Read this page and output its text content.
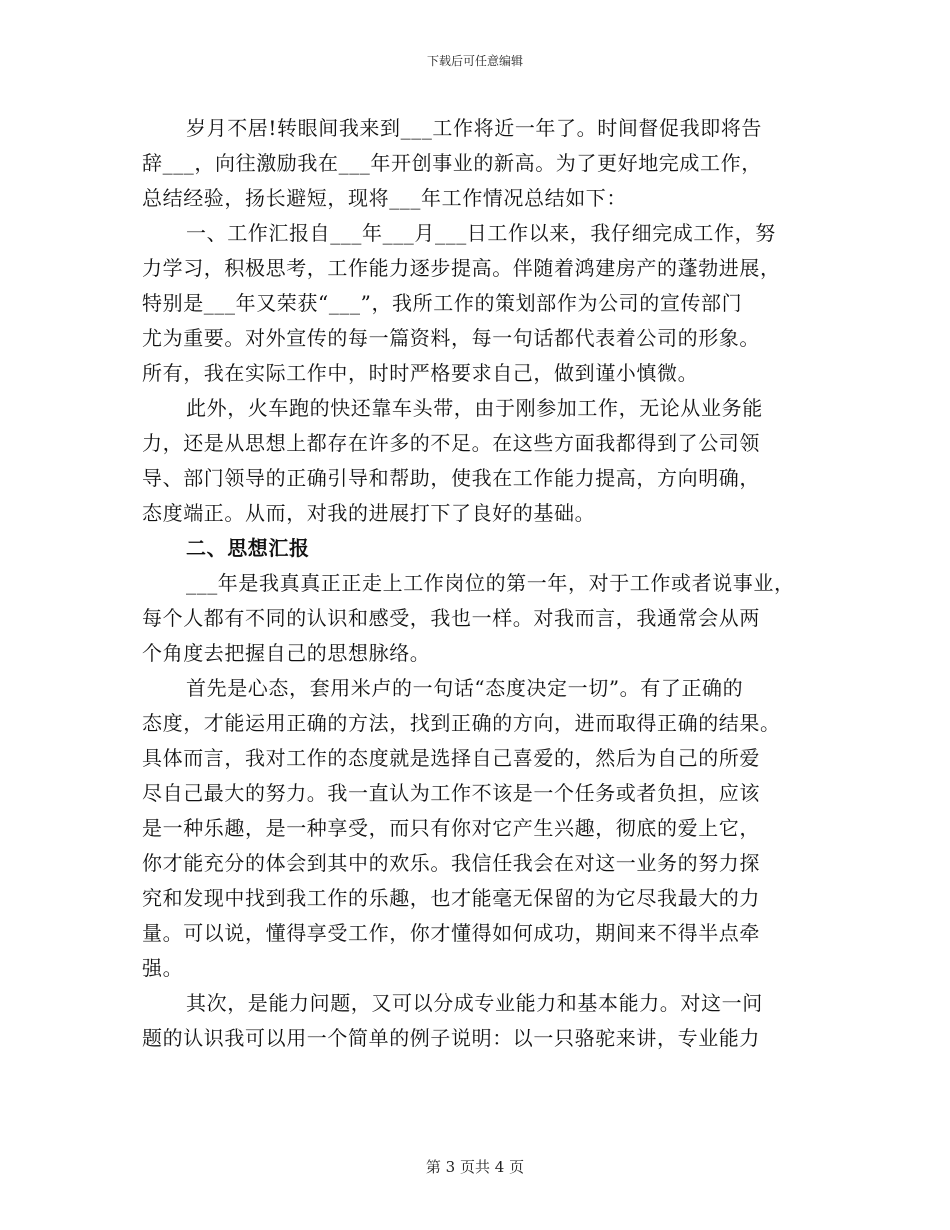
下载后可任意编辑

岁月不居!转眼间我来到___工作将近一年了。时间督促我即将告

辞___，向往激励我在___年开创事业的新高。为了更好地完成工作，

总结经验，扬长避短，现将___年工作情况总结如下：

一、工作汇报自___年___月___日工作以来，我仔细完成工作，努

力学习，积极思考，工作能力逐步提高。伴随着鸿建房产的蓬勃进展，

特别是___年又荣获“___”，我所工作的策划部作为公司的宣传部门

尤为重要。对外宣传的每一篇资料，每一句话都代表着公司的形象。

所有，我在实际工作中，时时严格要求自己，做到谨小慎微。

此外，火车跑的快还靠车头带，由于刚参加工作，无论从业务能

力，还是从思想上都存在许多的不足。在这些方面我都得到了公司领

导、部门领导的正确引导和帮助，使我在工作能力提高，方向明确，

态度端正。从而，对我的进展打下了良好的基础。

二、思想汇报

___年是我真真正正走上工作岗位的第一年，对于工作或者说事业，

每个人都有不同的认识和感受，我也一样。对我而言，我通常会从两

个角度去把握自己的思想脉络。

首先是心态，套用米卢的一句话“态度决定一切”。有了正确的

态度，才能运用正确的方法，找到正确的方向，进而取得正确的结果。

具体而言，我对工作的态度就是选择自己喜爱的，然后为自己的所爱

尽自己最大的努力。我一直认为工作不该是一个任务或者负担，应该

是一种乐趣，是一种享受，而只有你对它产生兴趣，彻底的爱上它，

你才能充分的体会到其中的欢乐。我信任我会在对这一业务的努力探

究和发现中找到我工作的乐趣，也才能毫无保留的为它尽我最大的力

量。可以说，懂得享受工作，你才懂得如何成功，期间来不得半点牵

强。

其次，是能力问题，又可以分成专业能力和基本能力。对这一问

题的认识我可以用一个简单的例子说明：以一只骆驼来讲，专业能力

第 3 页共 4 页
